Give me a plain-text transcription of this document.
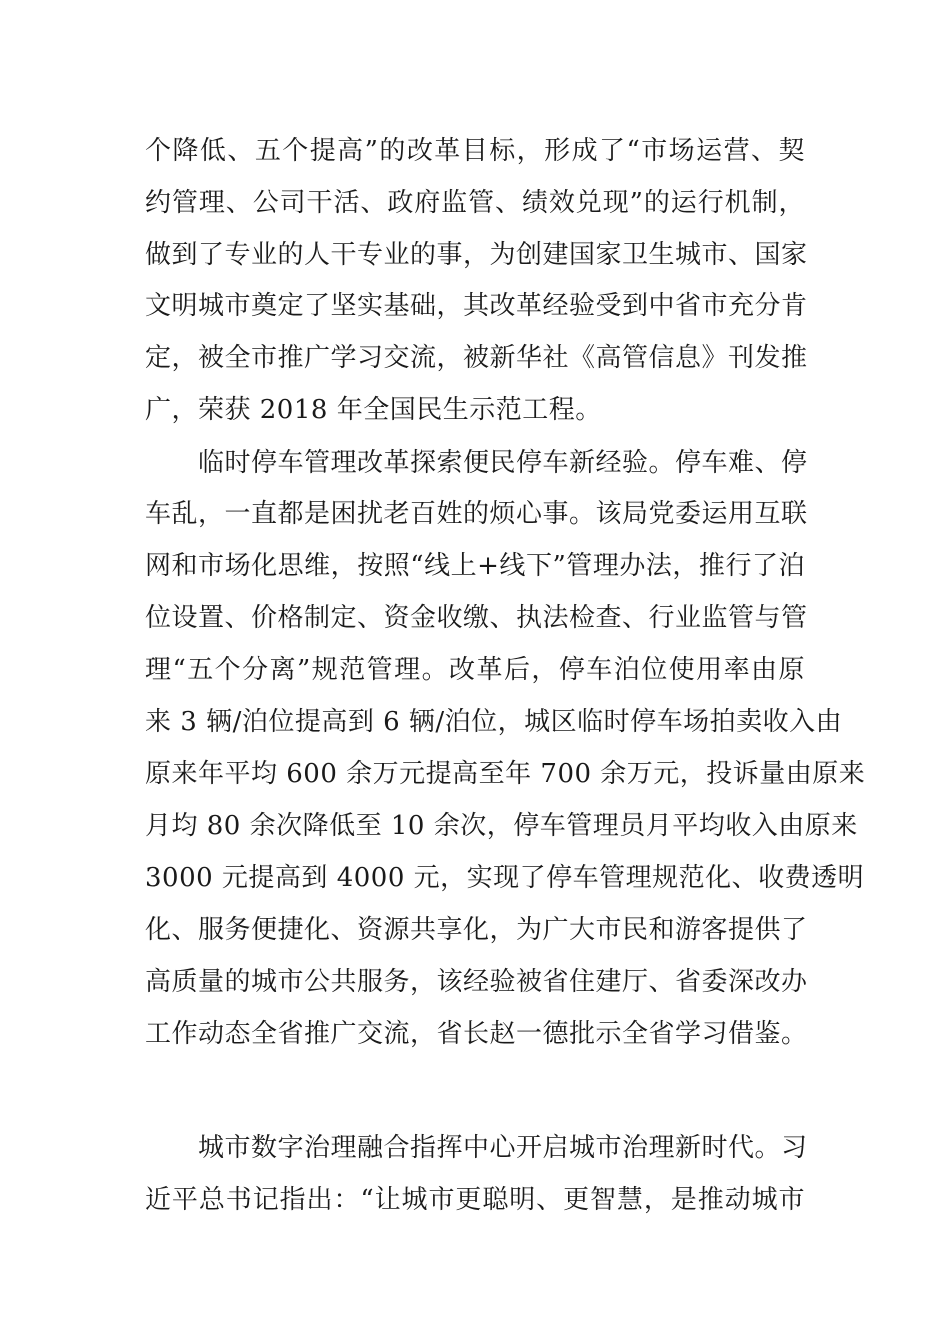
个降低、五个提高”的改革目标，形成了“市场运营、契

约管理、公司干活、政府监管、绩效兑现”的运行机制，

做到了专业的人干专业的事，为创建国家卫生城市、国家

文明城市奠定了坚实基础，其改革经验受到中省市充分肯

定，被全市推广学习交流，被新华社《高管信息》刊发推

广，荣获 2018 年全国民生示范工程。

临时停车管理改革探索便民停车新经验。停车难、停

车乱，一直都是困扰老百姓的烦心事。该局党委运用互联

网和市场化思维，按照“线上+线下”管理办法，推行了泊

位设置、价格制定、资金收缴、执法检查、行业监管与管

理“五个分离”规范管理。改革后，停车泊位使用率由原

来 3 辆/泊位提高到 6 辆/泊位，城区临时停车场拍卖收入由

原来年平均 600 余万元提高至年 700 余万元，投诉量由原来

月均 80 余次降低至 10 余次，停车管理员月平均收入由原来

3000 元提高到 4000 元，实现了停车管理规范化、收费透明

化、服务便捷化、资源共享化，为广大市民和游客提供了

高质量的城市公共服务，该经验被省住建厅、省委深改办

工作动态全省推广交流，省长赵一德批示全省学习借鉴。

城市数字治理融合指挥中心开启城市治理新时代。习

近平总书记指出：“让城市更聪明、更智慧，是推动城市
